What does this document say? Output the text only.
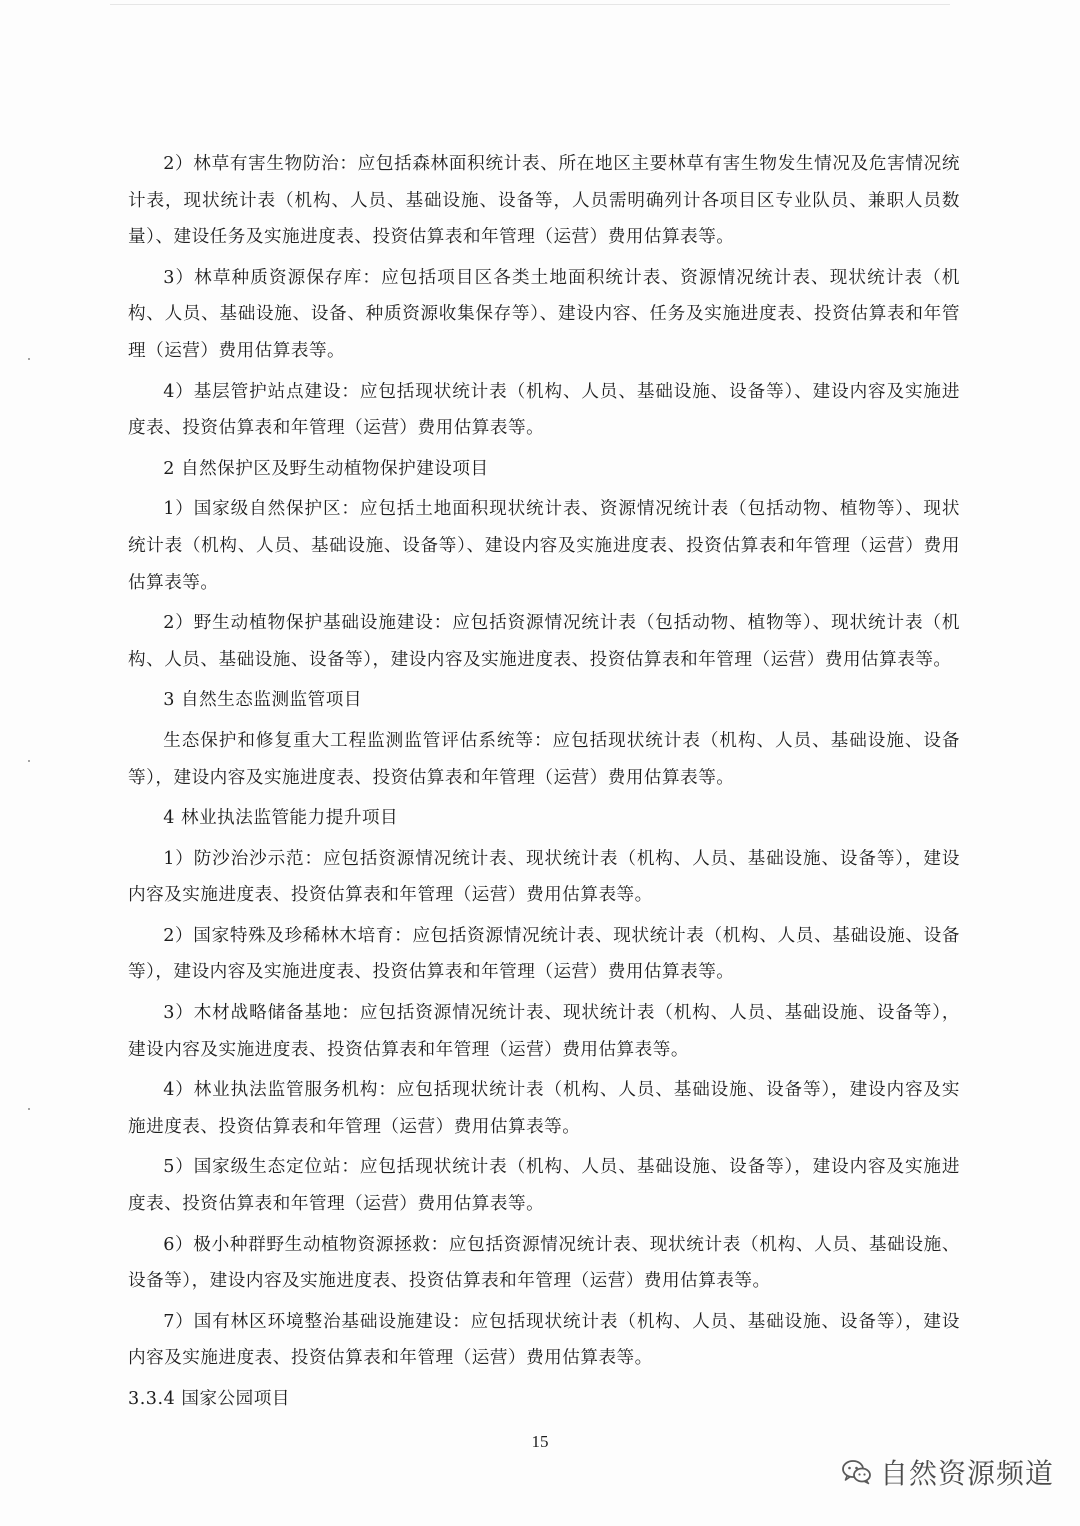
2）林草有害生物防治：应包括森林面积统计表、所在地区主要林草有害生物发生情况及危害情况统计表，现状统计表（机构、人员、基础设施、设备等，人员需明确列计各项目区专业队员、兼职人员数量）、建设任务及实施进度表、投资估算表和年管理（运营）费用估算表等。

3）林草种质资源保存库：应包括项目区各类土地面积统计表、资源情况统计表、现状统计表（机构、人员、基础设施、设备、种质资源收集保存等）、建设内容、任务及实施进度表、投资估算表和年管理（运营）费用估算表等。

4）基层管护站点建设：应包括现状统计表（机构、人员、基础设施、设备等）、建设内容及实施进度表、投资估算表和年管理（运营）费用估算表等。

2 自然保护区及野生动植物保护建设项目

1）国家级自然保护区：应包括土地面积现状统计表、资源情况统计表（包括动物、植物等）、现状统计表（机构、人员、基础设施、设备等）、建设内容及实施进度表、投资估算表和年管理（运营）费用估算表等。

2）野生动植物保护基础设施建设：应包括资源情况统计表（包括动物、植物等）、现状统计表（机构、人员、基础设施、设备等），建设内容及实施进度表、投资估算表和年管理（运营）费用估算表等。

3 自然生态监测监管项目

生态保护和修复重大工程监测监管评估系统等：应包括现状统计表（机构、人员、基础设施、设备等），建设内容及实施进度表、投资估算表和年管理（运营）费用估算表等。

4 林业执法监管能力提升项目

1）防沙治沙示范：应包括资源情况统计表、现状统计表（机构、人员、基础设施、设备等），建设内容及实施进度表、投资估算表和年管理（运营）费用估算表等。

2）国家特殊及珍稀林木培育：应包括资源情况统计表、现状统计表（机构、人员、基础设施、设备等），建设内容及实施进度表、投资估算表和年管理（运营）费用估算表等。

3）木材战略储备基地：应包括资源情况统计表、现状统计表（机构、人员、基础设施、设备等），建设内容及实施进度表、投资估算表和年管理（运营）费用估算表等。

4）林业执法监管服务机构：应包括现状统计表（机构、人员、基础设施、设备等），建设内容及实施进度表、投资估算表和年管理（运营）费用估算表等。

5）国家级生态定位站：应包括现状统计表（机构、人员、基础设施、设备等），建设内容及实施进度表、投资估算表和年管理（运营）费用估算表等。

6）极小种群野生动植物资源拯救：应包括资源情况统计表、现状统计表（机构、人员、基础设施、设备等），建设内容及实施进度表、投资估算表和年管理（运营）费用估算表等。

7）国有林区环境整治基础设施建设：应包括现状统计表（机构、人员、基础设施、设备等），建设内容及实施进度表、投资估算表和年管理（运营）费用估算表等。

3.3.4 国家公园项目

15
自然资源频道
